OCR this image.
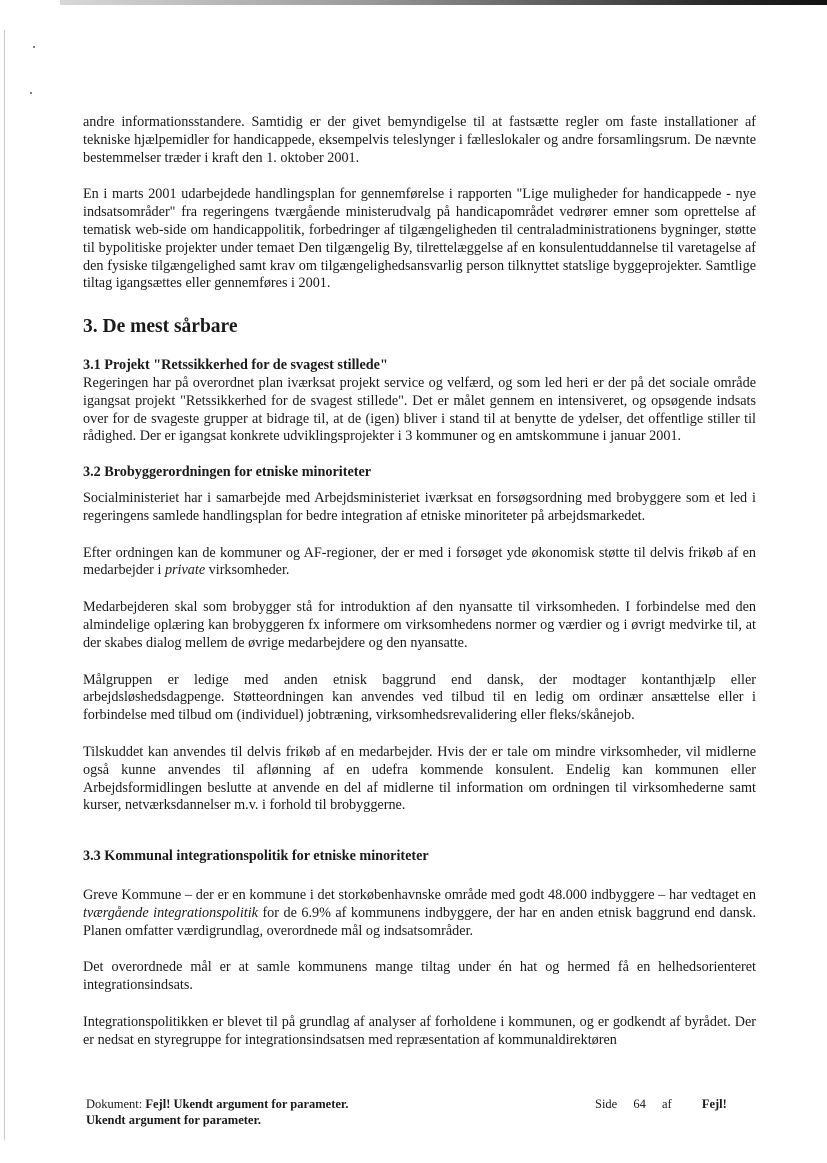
andre informationsstandere. Samtidig er der givet bemyndigelse til at fastsætte regler om faste installationer af tekniske hjælpemidler for handicappede, eksempelvis teleslynger i fælleslokaler og andre forsamlingsrum. De nævnte bestemmelser træder i kraft den 1. oktober 2001.

En i marts 2001 udarbejdede handlingsplan for gennemførelse i rapporten "Lige muligheder for handicappede - nye indsatsområder" fra regeringens tværgående ministerudvalg på handicapområdet vedrører emner som oprettelse af tematisk web-side om handicappolitik, forbedringer af tilgængeligheden til centraladministrationens bygninger, støtte til bypolitiske projekter under temaet Den tilgængelig By, tilrettelæggelse af en konsulentuddannelse til varetagelse af den fysiske tilgængelighed samt krav om tilgængelighedsansvarlig person tilknyttet statslige byggeprojekter. Samtlige tiltag igangsættes eller gennemføres i 2001.

3. De mest sårbare
3.1 Projekt "Retssikkerhed for de svagest stillede"

Regeringen har på overordnet plan iværksat projekt service og velfærd, og som led heri er der på det sociale område igangsat projekt "Retssikkerhed for de svagest stillede". Det er målet gennem en intensiveret, og opsøgende indsats over for de svageste grupper at bidrage til, at de (igen) bliver i stand til at benytte de ydelser, det offentlige stiller til rådighed. Der er igangsat konkrete udviklingsprojekter i 3 kommuner og en amtskommune i januar 2001.

3.2 Brobyggerordningen for etniske minoriteter

Socialministeriet har i samarbejde med Arbejdsministeriet iværksat en forsøgsordning med brobyggere som et led i regeringens samlede handlingsplan for bedre integration af etniske minoriteter på arbejdsmarkedet.

Efter ordningen kan de kommuner og AF-regioner, der er med i forsøget yde økonomisk støtte til delvis frikøb af en medarbejder i private virksomheder.

Medarbejderen skal som brobygger stå for introduktion af den nyansatte til virksomheden. I forbindelse med den almindelige oplæring kan brobyggeren fx informere om virksomhedens normer og værdier og i øvrigt medvirke til, at der skabes dialog mellem de øvrige medarbejdere og den nyansatte.

Målgruppen er ledige med anden etnisk baggrund end dansk, der modtager kontanthjælp eller arbejdsløshedsdagpenge. Støtteordningen kan anvendes ved tilbud til en ledig om ordinær ansættelse eller i forbindelse med tilbud om (individuel) jobtræning, virksomhedsrevalidering eller fleks/skånejob.

Tilskuddet kan anvendes til delvis frikøb af en medarbejder. Hvis der er tale om mindre virksomheder, vil midlerne også kunne anvendes til aflønning af en udefra kommende konsulent. Endelig kan kommunen eller Arbejdsformidlingen beslutte at anvende en del af midlerne til information om ordningen til virksomhederne samt kurser, netværksdannelser m.v. i forhold til brobyggerne.

3.3 Kommunal integrationspolitik for etniske minoriteter

Greve Kommune – der er en kommune i det storkøbenhavnske område med godt 48.000 indbyggere – har vedtaget en tværgående integrationspolitik for de 6.9% af kommunens indbyggere, der har en anden etnisk baggrund end dansk. Planen omfatter værdigrundlag, overordnede mål og indsatsområder.

Det overordnede mål er at samle kommunens mange tiltag under én hat og hermed få en helhedsorienteret integrationsindsats.

Integrationspolitikken er blevet til på grundlag af analyser af forholdene i kommunen, og er godkendt af byrådet. Der er nedsat en styregruppe for integrationsindsatsen med repræsentation af kommunaldirektøren

Dokument: Fejl! Ukendt argument for parameter.
Ukendt argument for parameter.
Side 64 af Fejl!
